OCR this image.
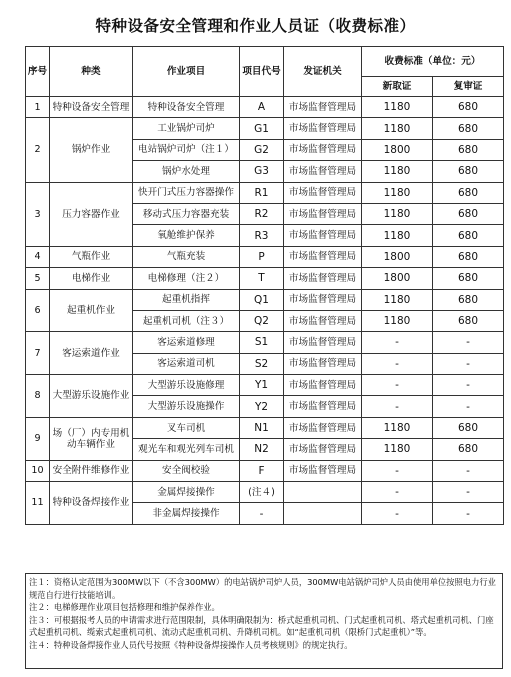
特种设备安全管理和作业人员证（收费标准）
序号	种类	作业项目	项目代号	发证机关	收费标准（单位：元）	
					新取证	复审证
1	特种设备安全管理	特种设备安全管理	A	市场监督管理局	1180	680
2	锅炉作业	工业锅炉司炉	G1	市场监督管理局	1180	680
		电站锅炉司炉（注１）	G2	市场监督管理局	1800	680
		锅炉水处理	G3	市场监督管理局	1180	680
3	压力容器作业	快开门式压力容器操作	R1	市场监督管理局	1180	680
		移动式压力容器充装	R2	市场监督管理局	1180	680
		氧舱维护保养	R3	市场监督管理局	1180	680
4	气瓶作业	气瓶充装	P	市场监督管理局	1800	680
5	电梯作业	电梯修理（注２）	T	市场监督管理局	1800	680
6	起重机作业	起重机指挥	Q1	市场监督管理局	1180	680
		起重机司机（注３）	Q2	市场监督管理局	1180	680
7	客运索道作业	客运索道修理	S1	市场监督管理局	-	-
		客运索道司机	S2	市场监督管理局	-	-
8	大型游乐设施作业	大型游乐设施修理	Y1	市场监督管理局	-	-
		大型游乐设施操作	Y2	市场监督管理局	-	-
9	场（厂）内专用机动车辆作业	叉车司机	N1	市场监督管理局	1180	680
		观光车和观光列车司机	N2	市场监督管理局	1180	680
10	安全附件维修作业	安全阀校验	F	市场监督管理局	-	-
11	特种设备焊接作业	金属焊接操作	(注４)		-	-
		非金属焊接操作	-		-	-

注１：资格认定范围为300MW以下（不含300MW）的电站锅炉司炉人员，300MW电站锅炉司炉人员由使用单位按照电力行业规范自行进行技能培训。

注２：电梯修理作业项目包括修理和维护保养作业。

注３：可根据报考人员的申请需求进行范围限制，具体明确限制为：桥式起重机司机、门式起重机司机、塔式起重机司机、门座式起重机司机、缆索式起重机司机、流动式起重机司机、升降机司机。如“起重机司机（限桥门式起重机）”等。

注４：特种设备焊接作业人员代号按照《特种设备焊接操作人员考核规则》的规定执行。
